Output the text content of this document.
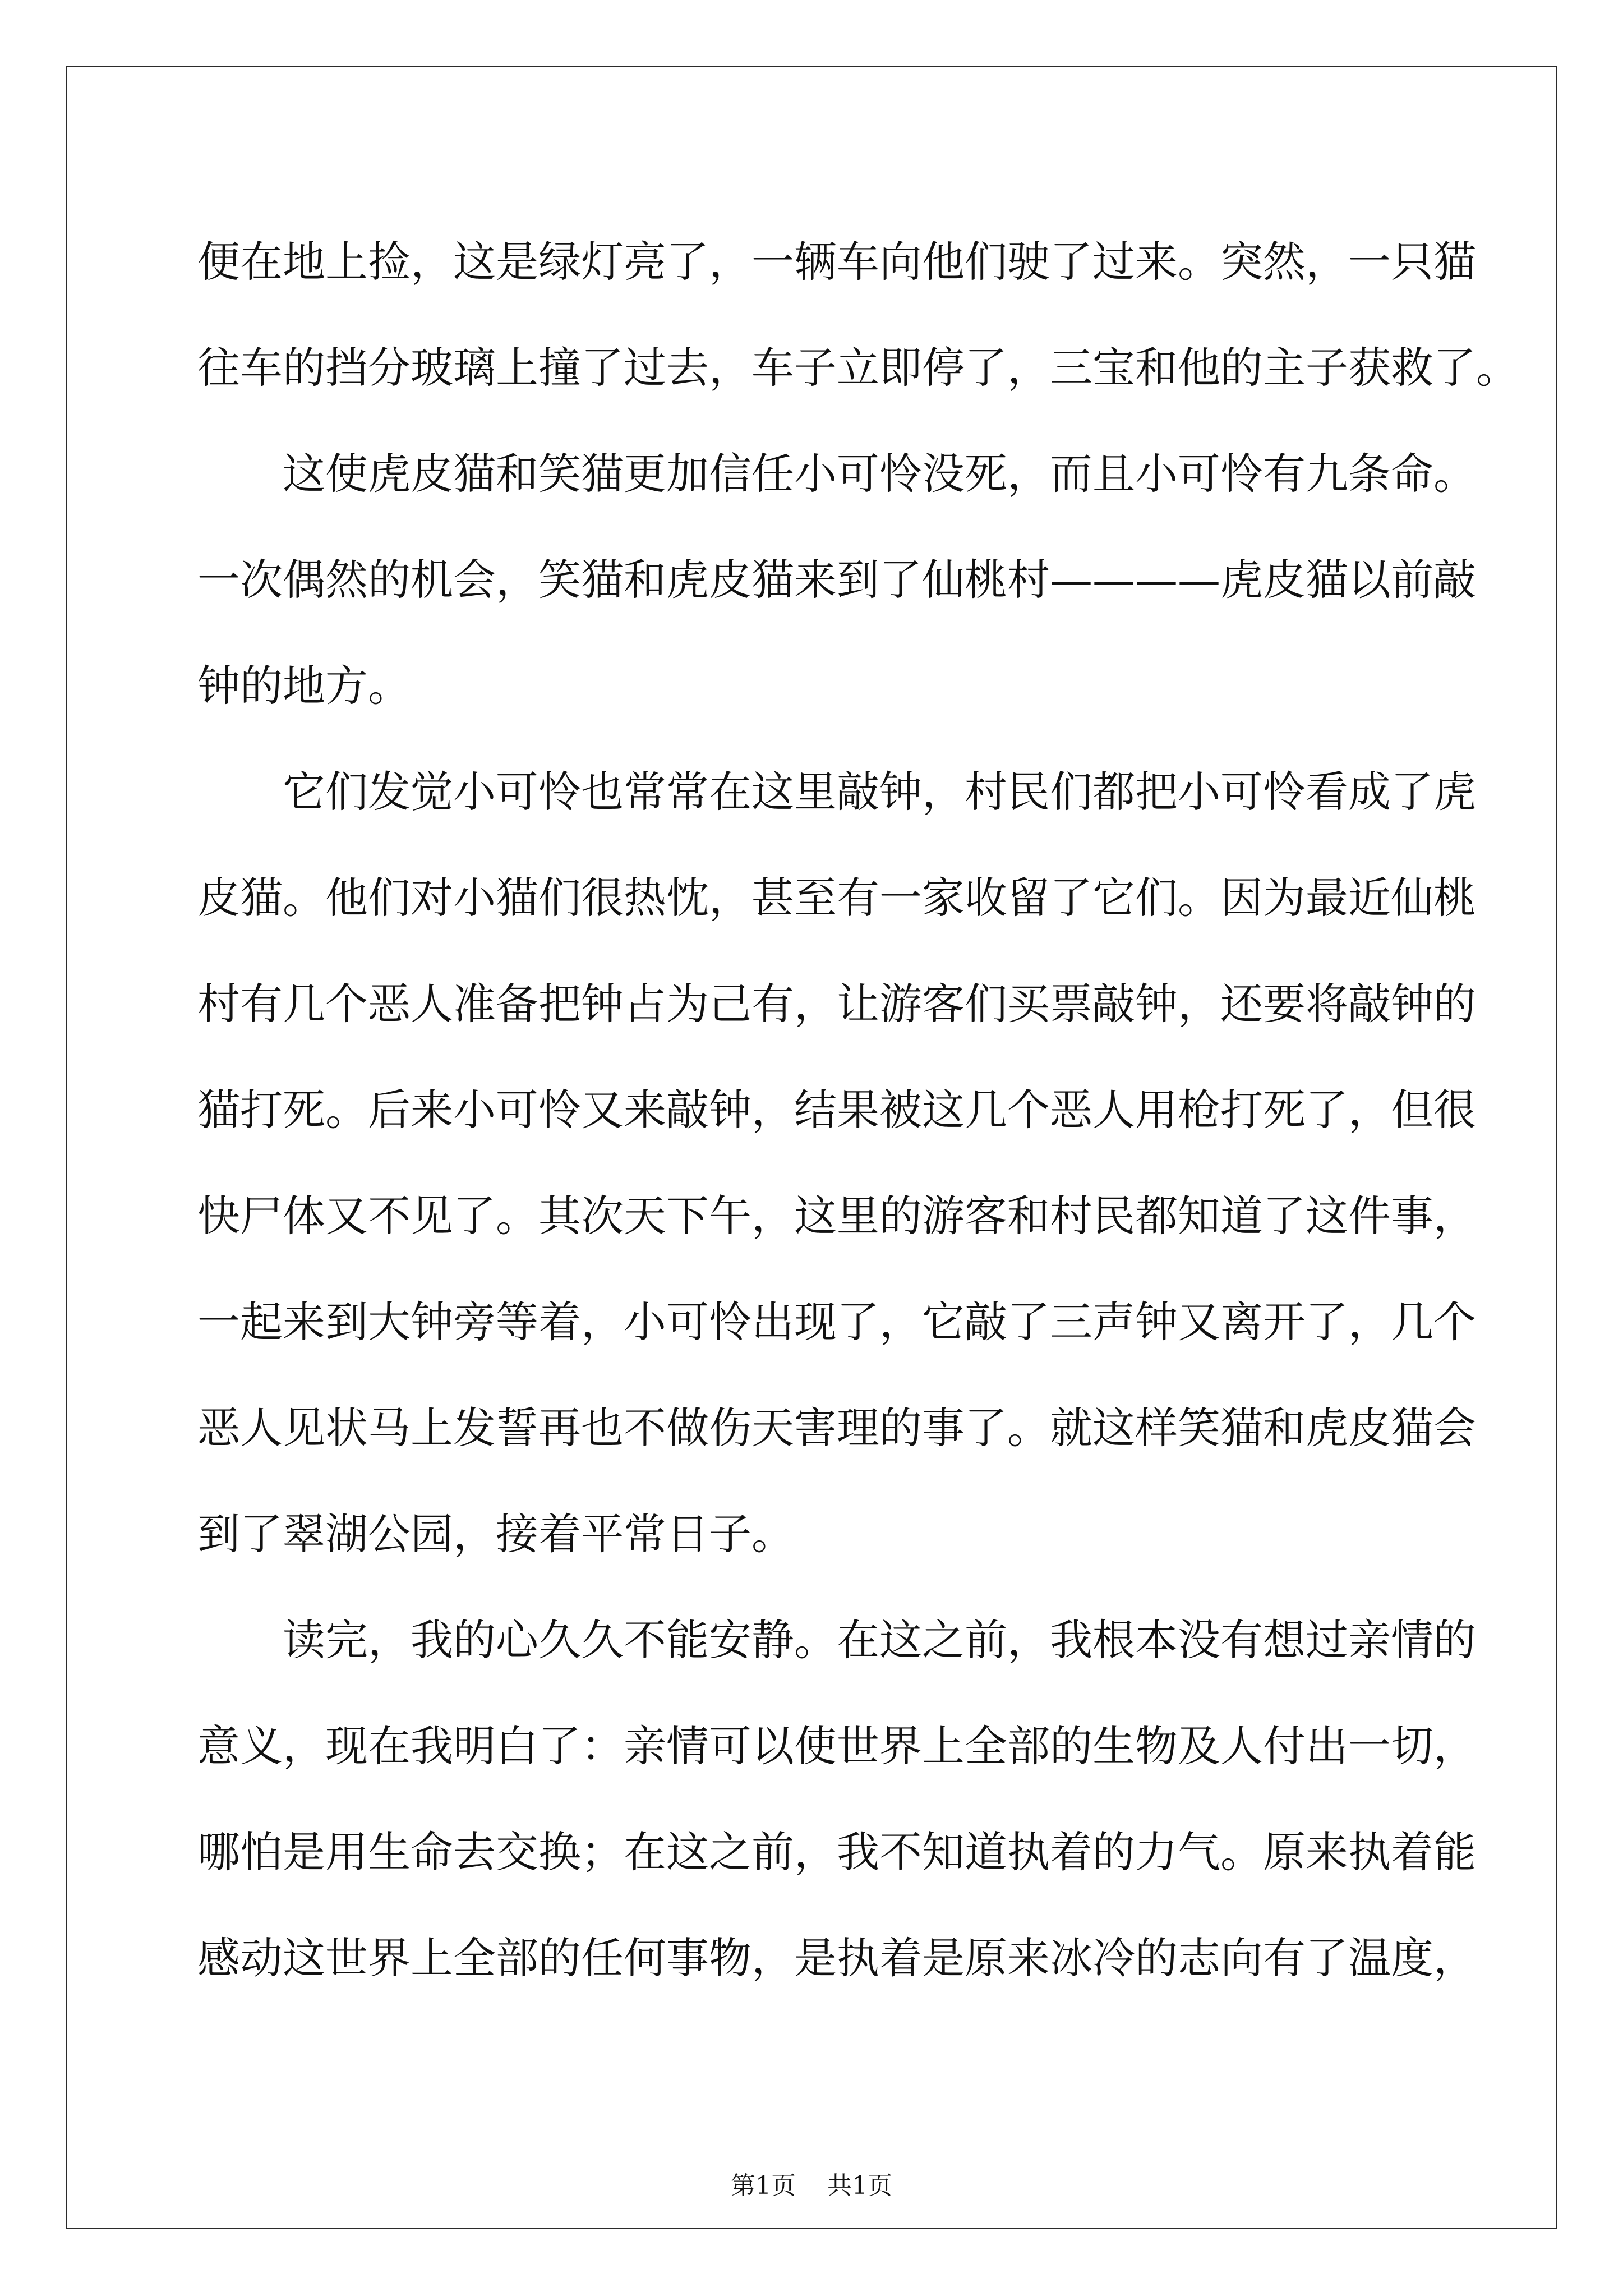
便在地上捡，这是绿灯亮了，一辆车向他们驶了过来。突然，一只猫
往车的挡分玻璃上撞了过去，车子立即停了，三宝和他的主子获救了。
这使虎皮猫和笑猫更加信任小可怜没死，而且小可怜有九条命。
一次偶然的机会，笑猫和虎皮猫来到了仙桃村————虎皮猫以前敲
钟的地方。
它们发觉小可怜也常常在这里敲钟，村民们都把小可怜看成了虎
皮猫。他们对小猫们很热忱，甚至有一家收留了它们。因为最近仙桃
村有几个恶人准备把钟占为己有，让游客们买票敲钟，还要将敲钟的
猫打死。后来小可怜又来敲钟，结果被这几个恶人用枪打死了，但很
快尸体又不见了。其次天下午，这里的游客和村民都知道了这件事，
一起来到大钟旁等着，小可怜出现了，它敲了三声钟又离开了，几个
恶人见状马上发誓再也不做伤天害理的事了。就这样笑猫和虎皮猫会
到了翠湖公园，接着平常日子。
读完，我的心久久不能安静。在这之前，我根本没有想过亲情的
意义，现在我明白了：亲情可以使世界上全部的生物及人付出一切，
哪怕是用生命去交换；在这之前，我不知道执着的力气。原来执着能
感动这世界上全部的任何事物，是执着是原来冰冷的志向有了温度，
第1页 共1页
